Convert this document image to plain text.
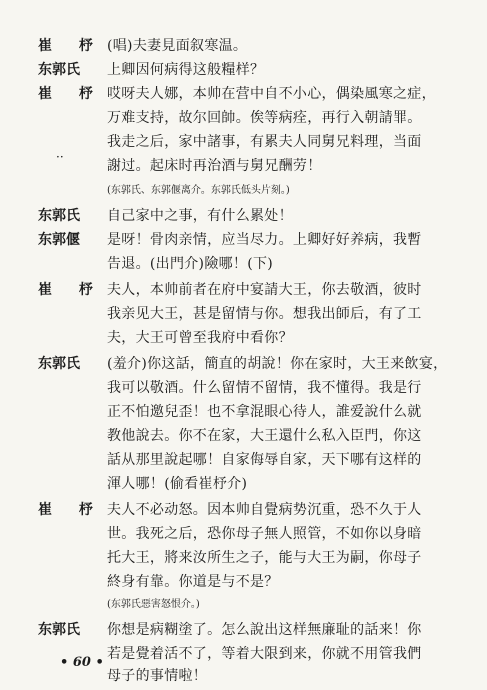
崔 杼 (唱)夫妻見面叙寒温。
东郭氏 上卿因何病得这般糧样？
崔 杼 哎呀夫人娜，本帅在营中自不小心，偶染風寒之症，
万难支持，故尔回帥。俟等病痊，再行入朝請罪。
我走之后，家中諸事，有累夫人同舅兄料理，当面
··
謝过。起床时再治酒与舅兄酬劳！
(东郭氏、东郭偃离介。东郭氏低头片刻。)
东郭氏 自己家中之事，有什么累处！
东郭偃 是呀！骨肉亲情，应当尽力。上卿好好养病，我暫
告退。(出門介)險哪！(下)
崔 杼 夫人，本帅前者在府中宴請大王，你去敬酒，彼时
我亲见大王，甚是留情与你。想我出師后，有了工
夫，大王可曾至我府中看你？
东郭氏 (羞介)你这話，簡直的胡說！你在家时，大王来飲宴，
我可以敬酒。什么留情不留情，我不懂得。我是行
正不怕邀兒歪！也不拿混眼心待人，誰爱說什么就
教他說去。你不在家，大王還什么私入臣門，你这
話从那里說起哪！自家侮辱自家，天下哪有这样的
渾人哪！(偷看崔杼介)
崔 杼 夫人不必动怒。因本帅自覺病势沉重，恐不久于人
世。我死之后，恐你母子無人照管，不如你以身暗
托大王，將来汝所生之子，能与大王为嗣，你母子
終身有靠。你道是与不是？
(东郭氏惡害怒恨介。)
东郭氏 你想是病糊塗了。怎么說出这样無廉耻的話来！你
若是覺着活不了，等着大限到来，你就不用管我們
母子的事情啦！
• 60 •
